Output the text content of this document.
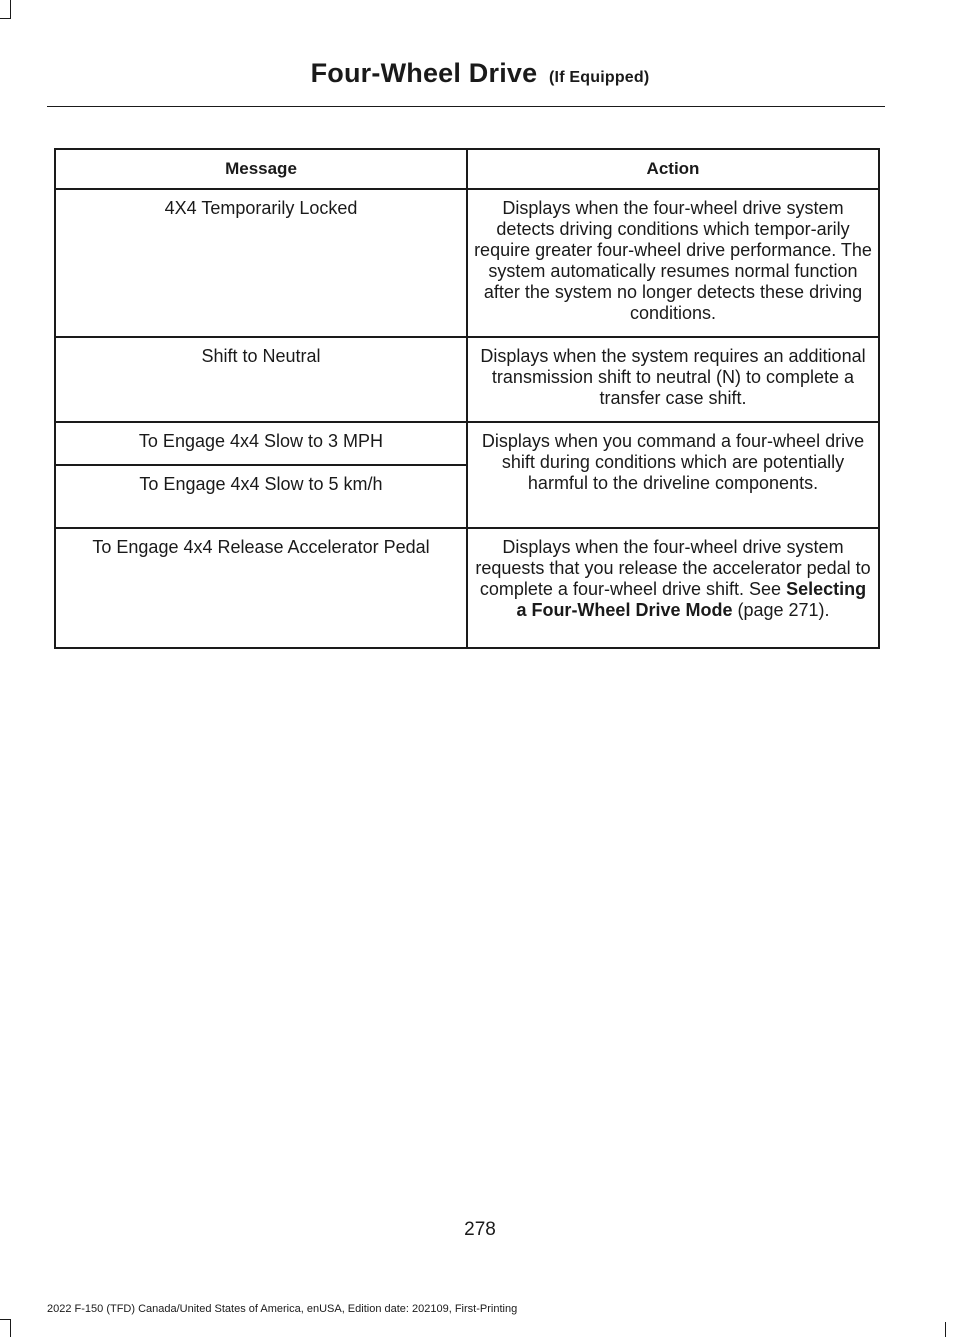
Four-Wheel Drive (If Equipped)
Message	Action
4X4 Temporarily Locked	Displays when the four-wheel drive system detects driving conditions which tempor-arily require greater four-wheel drive performance. The system automatically resumes normal function after the system no longer detects these driving conditions.
Shift to Neutral	Displays when the system requires an additional transmission shift to neutral (N) to complete a transfer case shift.
To Engage 4x4 Slow to 3 MPH	Displays when you command a four-wheel drive shift during conditions which are potentially harmful to the driveline components.
To Engage 4x4 Slow to 5 km/h	
To Engage 4x4 Release Accelerator Pedal	Displays when the four-wheel drive system requests that you release the accelerator pedal to complete a four-wheel drive shift. See Selecting a Four-Wheel Drive Mode (page 271).
278
2022 F-150 (TFD) Canada/United States of America, enUSA, Edition date: 202109, First-Printing
